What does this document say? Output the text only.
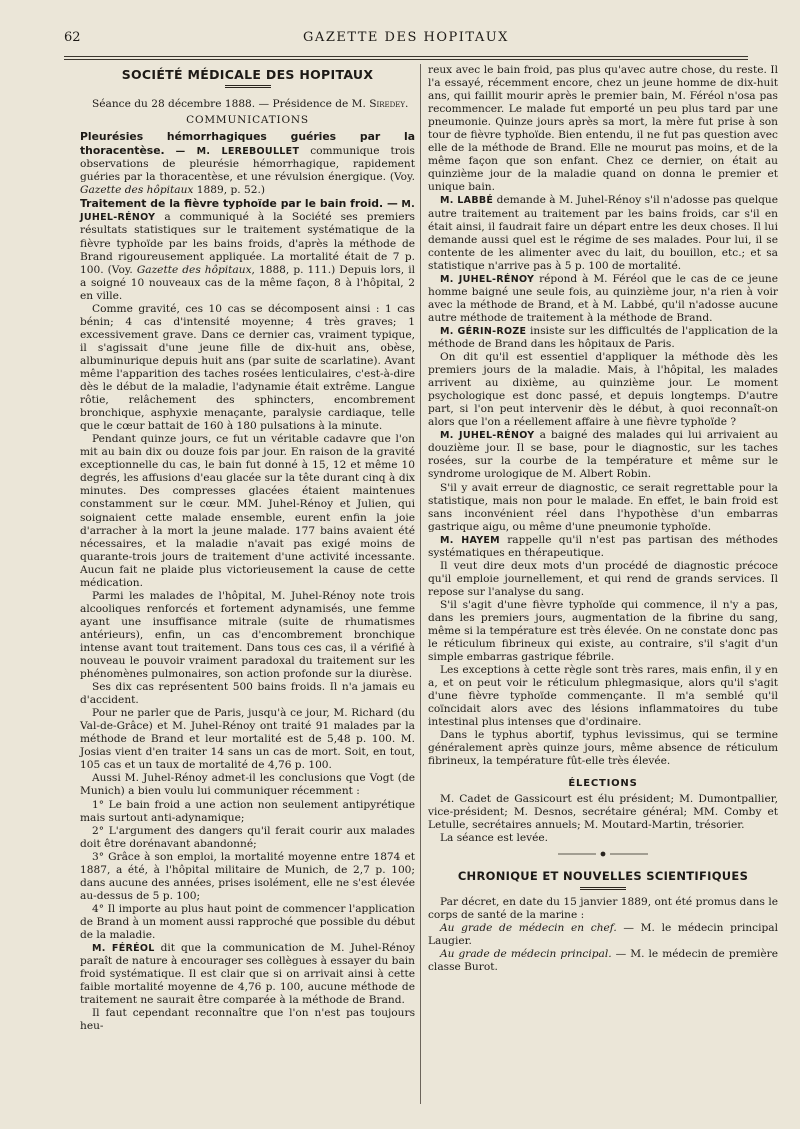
62	GAZETTE DES HOPITAUX
SOCIÉTÉ MÉDICALE DES HOPITAUX

Séance du 28 décembre 1888. — Présidence de M. Siredey.

COMMUNICATIONS

Pleurésies hémorrhagiques guéries par la thoracentèse. — M. LEREBOULLET communique trois observations de pleurésie hémorrhagique, rapidement guéries par la thoracentèse, et une révulsion énergique. (Voy. Gazette des hôpitaux 1889, p. 52.)

Traitement de la fièvre typhoïde par le bain froid. — M. JUHEL-RÉNOY a communiqué à la Société ses premiers résultats statistiques sur le traitement systématique de la fièvre typhoïde par les bains froids, d'après la méthode de Brand rigoureusement appliquée. La mortalité était de 7 p. 100. (Voy. Gazette des hôpitaux, 1888, p. 111.) Depuis lors, il a soigné 10 nouveaux cas de la même façon, 8 à l'hôpital, 2 en ville.

Comme gravité, ces 10 cas se décomposent ainsi : 1 cas bénin; 4 cas d'intensité moyenne; 4 très graves; 1 excessivement grave. Dans ce dernier cas, vraiment typique, il s'agissait d'une jeune fille de dix-huit ans, obèse, albuminurique depuis huit ans (par suite de scarlatine). Avant même l'apparition des taches rosées lenticulaires, c'est-à-dire dès le début de la maladie, l'adynamie était extrême. Langue rôtie, relâchement des sphincters, encombrement bronchique, asphyxie menaçante, paralysie cardiaque, telle que le cœur battait de 160 à 180 pulsations à la minute.

Pendant quinze jours, ce fut un véritable cadavre que l'on mit au bain dix ou douze fois par jour. En raison de la gravité exceptionnelle du cas, le bain fut donné à 15, 12 et même 10 degrés, les affusions d'eau glacée sur la tête durant cinq à dix minutes. Des compresses glacées étaient maintenues constamment sur le cœur. MM. Juhel-Rénoy et Julien, qui soignaient cette malade ensemble, eurent enfin la joie d'arracher à la mort la jeune malade. 177 bains avaient été nécessaires, et la maladie n'avait pas exigé moins de quarante-trois jours de traitement d'une activité incessante. Aucun fait ne plaide plus victorieusement la cause de cette médication.

Parmi les malades de l'hôpital, M. Juhel-Rénoy note trois alcooliques renforcés et fortement adynamisés, une femme ayant une insuffisance mitrale (suite de rhumatismes antérieurs), enfin, un cas d'encombrement bronchique intense avant tout traitement. Dans tous ces cas, il a vérifié à nouveau le pouvoir vraiment paradoxal du traitement sur les phénomènes pulmonaires, son action profonde sur la diurèse.

Ses dix cas représentent 500 bains froids. Il n'a jamais eu d'accident.

Pour ne parler que de Paris, jusqu'à ce jour, M. Richard (du Val-de-Grâce) et M. Juhel-Rénoy ont traité 91 malades par la méthode de Brand et leur mortalité est de 5,48 p. 100. M. Josias vient d'en traiter 14 sans un cas de mort. Soit, en tout, 105 cas et un taux de mortalité de 4,76 p. 100.

Aussi M. Juhel-Rénoy admet-il les conclusions que Vogt (de Munich) a bien voulu lui communiquer récemment :

1° Le bain froid a une action non seulement antipyrétique mais surtout anti-adynamique;

2° L'argument des dangers qu'il ferait courir aux malades doit être dorénavant abandonné;

3° Grâce à son emploi, la mortalité moyenne entre 1874 et 1887, a été, à l'hôpital militaire de Munich, de 2,7 p. 100; dans aucune des années, prises isolément, elle ne s'est élevée au-dessus de 5 p. 100;

4° Il importe au plus haut point de commencer l'application de Brand à un moment aussi rapproché que possible du début de la maladie.

M. FÉRÉOL dit que la communication de M. Juhel-Rénoy paraît de nature à encourager ses collègues à essayer du bain froid systématique. Il est clair que si on arrivait ainsi à cette faible mortalité moyenne de 4,76 p. 100, aucune méthode de traitement ne saurait être comparée à la méthode de Brand.

Il faut cependant reconnaître que l'on n'est pas toujours heu-

reux avec le bain froid, pas plus qu'avec autre chose, du reste. Il l'a essayé, récemment encore, chez un jeune homme de dix-huit ans, qui faillit mourir après le premier bain, M. Féréol n'osa pas recommencer. Le malade fut emporté un peu plus tard par une pneumonie. Quinze jours après sa mort, la mère fut prise à son tour de fièvre typhoïde. Bien entendu, il ne fut pas question avec elle de la méthode de Brand. Elle ne mourut pas moins, et de la même façon que son enfant. Chez ce dernier, on était au quinzième jour de la maladie quand on donna le premier et unique bain.

M. LABBÉ demande à M. Juhel-Rénoy s'il n'adosse pas quelque autre traitement au traitement par les bains froids, car s'il en était ainsi, il faudrait faire un départ entre les deux choses. Il lui demande aussi quel est le régime de ses malades. Pour lui, il se contente de les alimenter avec du lait, du bouillon, etc.; et sa statistique n'arrive pas à 5 p. 100 de mortalité.

M. JUHEL-RÉNOY répond à M. Féréol que le cas de ce jeune homme baigné une seule fois, au quinzième jour, n'a rien à voir avec la méthode de Brand, et à M. Labbé, qu'il n'adosse aucune autre méthode de traitement à la méthode de Brand.

M. GÉRIN-ROZE insiste sur les difficultés de l'application de la méthode de Brand dans les hôpitaux de Paris.

On dit qu'il est essentiel d'appliquer la méthode dès les premiers jours de la maladie. Mais, à l'hôpital, les malades arrivent au dixième, au quinzième jour. Le moment psychologique est donc passé, et depuis longtemps. D'autre part, si l'on peut intervenir dès le début, à quoi reconnaît-on alors que l'on a réellement affaire à une fièvre typhoïde ?

M. JUHEL-RÉNOY a baigné des malades qui lui arrivaient au douzième jour. Il se base, pour le diagnostic, sur les taches rosées, sur la courbe de la température et même sur le syndrome urologique de M. Albert Robin.

S'il y avait erreur de diagnostic, ce serait regrettable pour la statistique, mais non pour le malade. En effet, le bain froid est sans inconvénient réel dans l'hypothèse d'un embarras gastrique aigu, ou même d'une pneumonie typhoïde.

M. HAYEM rappelle qu'il n'est pas partisan des méthodes systématiques en thérapeutique.

Il veut dire deux mots d'un procédé de diagnostic précoce qu'il emploie journellement, et qui rend de grands services. Il repose sur l'analyse du sang.

S'il s'agit d'une fièvre typhoïde qui commence, il n'y a pas, dans les premiers jours, augmentation de la fibrine du sang, même si la température est très élevée. On ne constate donc pas le réticulum fibrineux qui existe, au contraire, s'il s'agit d'un simple embarras gastrique fébrile.

Les exceptions à cette règle sont très rares, mais enfin, il y en a, et on peut voir le réticulum phlegmasique, alors qu'il s'agit d'une fièvre typhoïde commençante. Il m'a semblé qu'il coïncidait alors avec des lésions inflammatoires du tube intestinal plus intenses que d'ordinaire.

Dans le typhus abortif, typhus levissimus, qui se termine généralement après quinze jours, même absence de réticulum fibrineux, la température fût-elle très élevée.

ÉLECTIONS

M. Cadet de Gassicourt est élu président; M. Dumontpallier, vice-président; M. Desnos, secrétaire général; MM. Comby et Letulle, secrétaires annuels; M. Moutard-Martin, trésorier.

La séance est levée.

CHRONIQUE ET NOUVELLES SCIENTIFIQUES

Par décret, en date du 15 janvier 1889, ont été promus dans le corps de santé de la marine :

Au grade de médecin en chef. — M. le médecin principal Laugier.

Au grade de médecin principal. — M. le médecin de première classe Burot.
